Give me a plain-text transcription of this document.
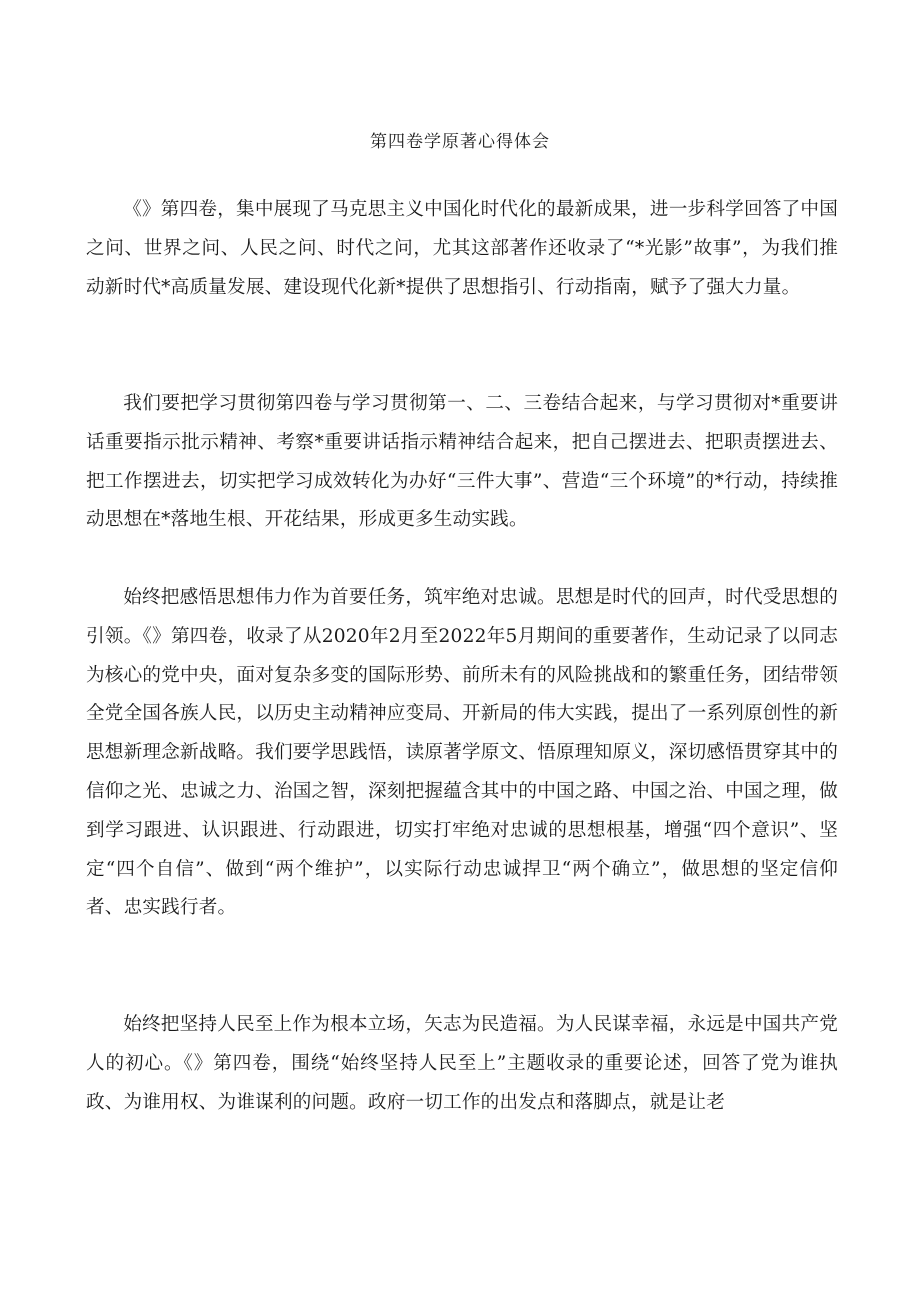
第四卷学原著心得体会

《》第四卷，集中展现了马克思主义中国化时代化的最新成果，进一步科学回答了中国之问、世界之问、人民之问、时代之问，尤其这部著作还收录了“*光影”故事”，为我们推动新时代*高质量发展、建设现代化新*提供了思想指引、行动指南，赋予了强大力量。

我们要把学习贯彻第四卷与学习贯彻第一、二、三卷结合起来，与学习贯彻对*重要讲话重要指示批示精神、考察*重要讲话指示精神结合起来，把自己摆进去、把职责摆进去、把工作摆进去，切实把学习成效转化为办好“三件大事”、营造“三个环境”的*行动，持续推动思想在*落地生根、开花结果，形成更多生动实践。

始终把感悟思想伟力作为首要任务，筑牢绝对忠诚。思想是时代的回声，时代受思想的引领。《》第四卷，收录了从2020年2月至2022年5月期间的重要著作，生动记录了以同志为核心的党中央，面对复杂多变的国际形势、前所未有的风险挑战和的繁重任务，团结带领全党全国各族人民，以历史主动精神应变局、开新局的伟大实践，提出了一系列原创性的新思想新理念新战略。我们要学思践悟，读原著学原文、悟原理知原义，深切感悟贯穿其中的信仰之光、忠诚之力、治国之智，深刻把握蕴含其中的中国之路、中国之治、中国之理，做到学习跟进、认识跟进、行动跟进，切实打牢绝对忠诚的思想根基，增强“四个意识”、坚定“四个自信”、做到“两个维护”，以实际行动忠诚捍卫“两个确立”，做思想的坚定信仰者、忠实践行者。

始终把坚持人民至上作为根本立场，矢志为民造福。为人民谋幸福，永远是中国共产党人的初心。《》第四卷，围绕“始终坚持人民至上”主题收录的重要论述，回答了党为谁执政、为谁用权、为谁谋利的问题。政府一切工作的出发点和落脚点，就是让老
